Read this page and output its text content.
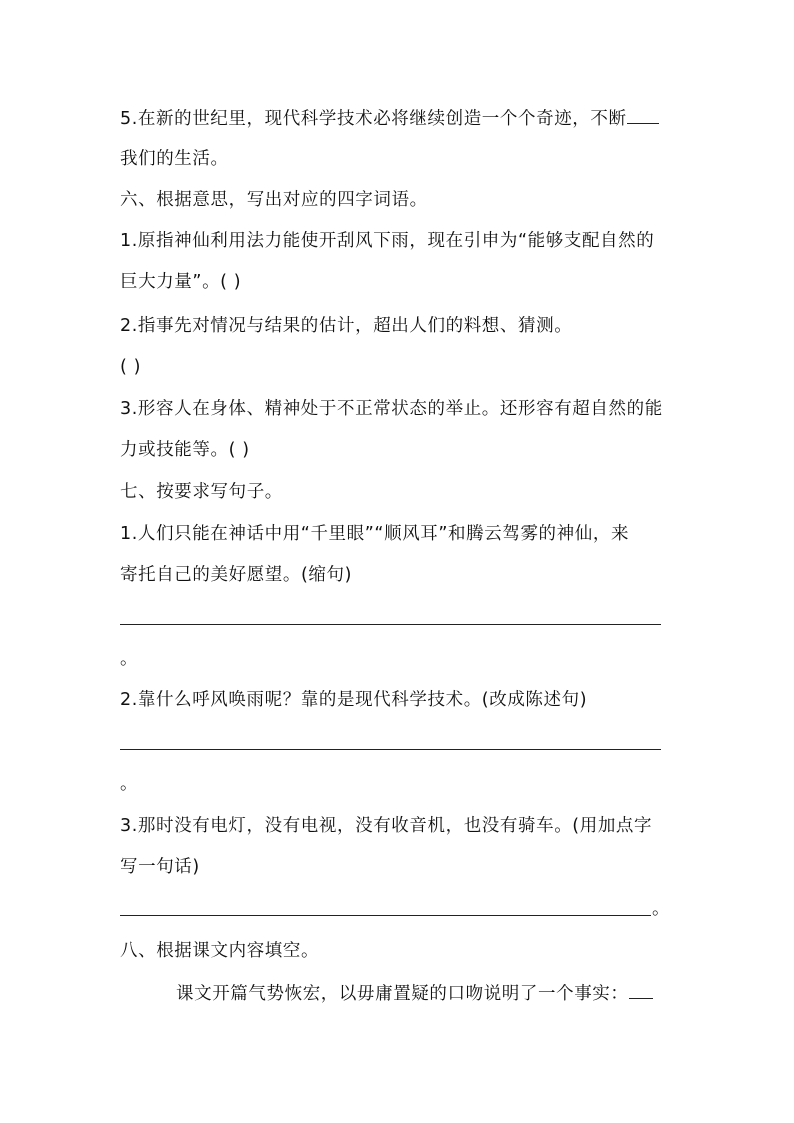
5.在新的世纪里，现代科学技术必将继续创造一个个奇迹，不断
我们的生活。
六、根据意思，写出对应的四字词语。
1.原指神仙利用法力能使开刮风下雨，现在引申为“能够支配自然的
巨大力量”。( )
2.指事先对情况与结果的估计，超出人们的料想、猜测。
( )
3.形容人在身体、精神处于不正常状态的举止。还形容有超自然的能
力或技能等。( )
七、按要求写句子。
1.人们只能在神话中用“千里眼”“顺风耳”和腾云驾雾的神仙，来
寄托自己的美好愿望。(缩句)
。
2.靠什么呼风唤雨呢？靠的是现代科学技术。(改成陈述句)
。
3.那时没有电灯，没有电视，没有收音机，也没有骑车。(用加点字
写一句话)
。
八、根据课文内容填空。
课文开篇气势恢宏，以毋庸置疑的口吻说明了一个事实：
